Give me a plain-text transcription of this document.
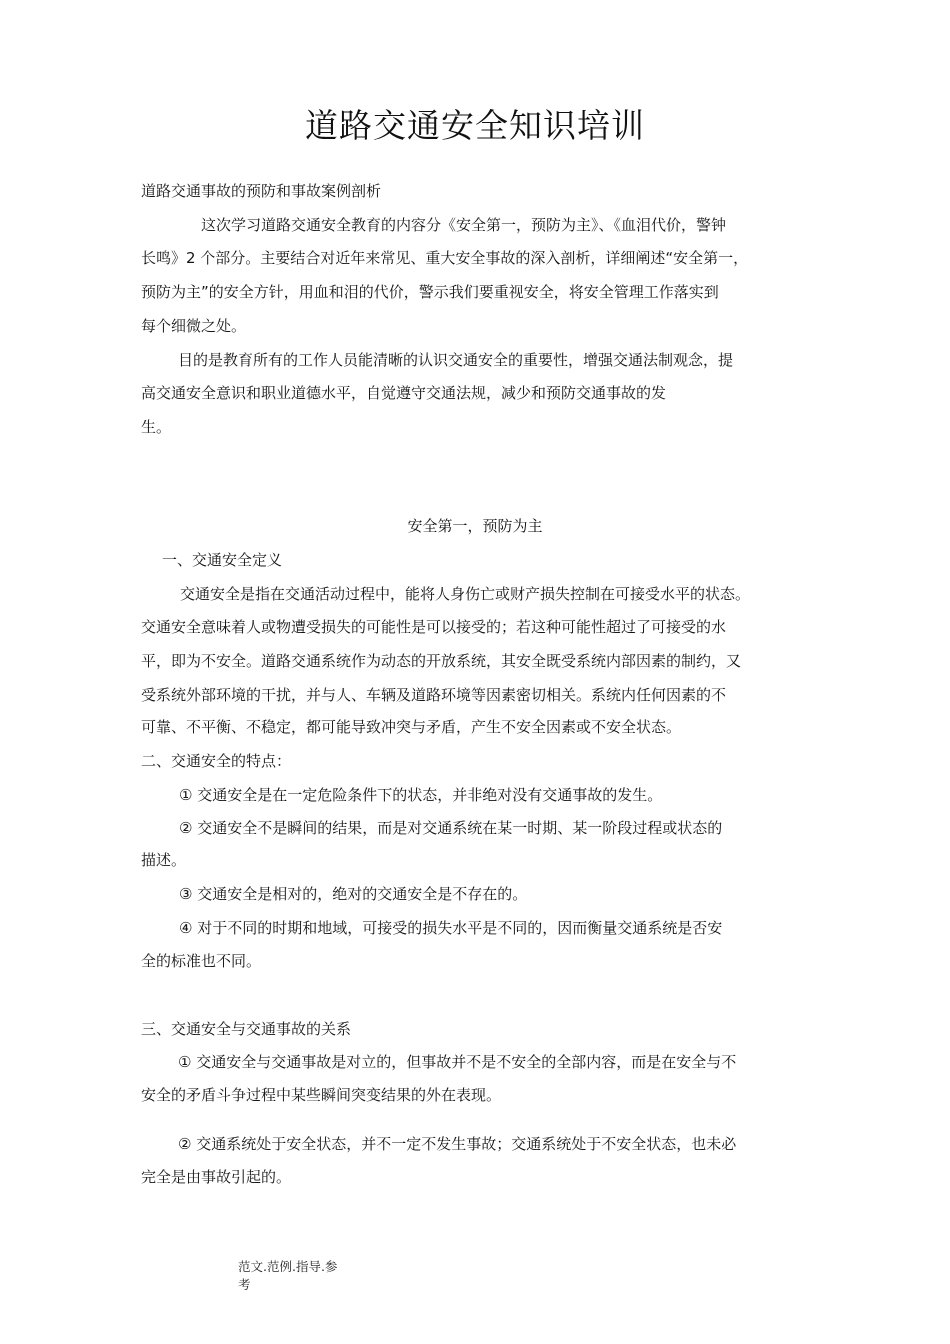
道路交通安全知识培训
道路交通事故的预防和事故案例剖析
这次学习道路交通安全教育的内容分《安全第一，预防为主》、《血泪代价，警钟
长鸣》2 个部分。主要结合对近年来常见、重大安全事故的深入剖析，详细阐述“安全第一，
预防为主”的安全方针，用血和泪的代价，警示我们要重视安全，将安全管理工作落实到
每个细微之处。
目的是教育所有的工作人员能清晰的认识交通安全的重要性，增强交通法制观念，提
高交通安全意识和职业道德水平，自觉遵守交通法规，减少和预防交通事故的发
生。
安全第一，预防为主
一、交通安全定义
交通安全是指在交通活动过程中，能将人身伤亡或财产损失控制在可接受水平的状态。
交通安全意味着人或物遭受损失的可能性是可以接受的；若这种可能性超过了可接受的水
平，即为不安全。道路交通系统作为动态的开放系统，其安全既受系统内部因素的制约，又
受系统外部环境的干扰，并与人、车辆及道路环境等因素密切相关。系统内任何因素的不
可靠、不平衡、不稳定，都可能导致冲突与矛盾，产生不安全因素或不安全状态。
二、交通安全的特点：
① 交通安全是在一定危险条件下的状态，并非绝对没有交通事故的发生。
② 交通安全不是瞬间的结果，而是对交通系统在某一时期、某一阶段过程或状态的
描述。
③ 交通安全是相对的，绝对的交通安全是不存在的。
④ 对于不同的时期和地域，可接受的损失水平是不同的，因而衡量交通系统是否安
全的标准也不同。
三、交通安全与交通事故的关系
① 交通安全与交通事故是对立的，但事故并不是不安全的全部内容，而是在安全与不
安全的矛盾斗争过程中某些瞬间突变结果的外在表现。
② 交通系统处于安全状态，并不一定不发生事故；交通系统处于不安全状态，也未必
完全是由事故引起的。
范文.范例.指导.参
考
